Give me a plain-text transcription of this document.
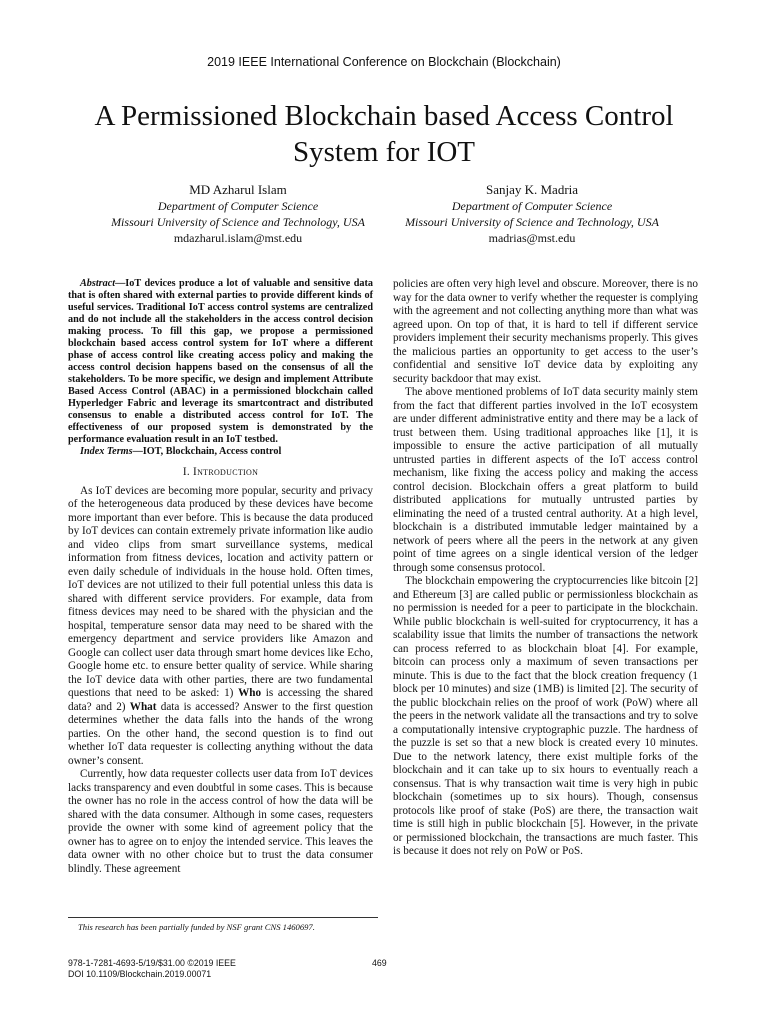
2019 IEEE International Conference on Blockchain (Blockchain)
A Permissioned Blockchain based Access Control
System for IOT
MD Azharul Islam
Department of Computer Science
Missouri University of Science and Technology, USA
mdazharul.islam@mst.edu
Sanjay K. Madria
Department of Computer Science
Missouri University of Science and Technology, USA
madrias@mst.edu

Abstract—IoT devices produce a lot of valuable and sensitive data that is often shared with external parties to provide different kinds of useful services. Traditional IoT access control systems are centralized and do not include all the stakeholders in the access control decision making process. To fill this gap, we propose a permissioned blockchain based access control system for IoT where a different phase of access control like creating access policy and making the access control decision happens based on the consensus of all the stakeholders. To be more specific, we design and implement Attribute Based Access Control (ABAC) in a permissioned blockchain called Hyperledger Fabric and leverage its smartcontract and distributed consensus to enable a distributed access control for IoT. The effectiveness of our proposed system is demonstrated by the performance evaluation result in an IoT testbed.

Index Terms—IOT, Blockchain, Access control

I. Introduction

As IoT devices are becoming more popular, security and privacy of the heterogeneous data produced by these devices have become more important than ever before. This is because the data produced by IoT devices can contain extremely private information like audio and video clips from smart surveillance systems, medical information from fitness devices, location and activity pattern or even daily schedule of individuals in the house hold. Often times, IoT devices are not utilized to their full potential unless this data is shared with different service providers. For example, data from fitness devices may need to be shared with the physician and the hospital, temperature sensor data may need to be shared with the emergency department and service providers like Amazon and Google can collect user data through smart home devices like Echo, Google home etc. to ensure better quality of service. While sharing the IoT device data with other parties, there are two fundamental questions that need to be asked: 1) Who is accessing the shared data? and 2) What data is accessed? Answer to the first question determines whether the data falls into the hands of the wrong parties. On the other hand, the second question is to find out whether IoT data requester is collecting anything without the data owner’s consent.

Currently, how data requester collects user data from IoT devices lacks transparency and even doubtful in some cases. This is because the owner has no role in the access control of how the data will be shared with the data consumer. Although in some cases, requesters provide the owner with some kind of agreement policy that the owner has to agree on to enjoy the intended service. This leaves the data owner with no other choice but to trust the data consumer blindly. These agreement

policies are often very high level and obscure. Moreover, there is no way for the data owner to verify whether the requester is complying with the agreement and not collecting anything more than what was agreed upon. On top of that, it is hard to tell if different service providers implement their security mechanisms properly. This gives the malicious parties an opportunity to get access to the user’s confidential and sensitive IoT device data by exploiting any security backdoor that may exist.

The above mentioned problems of IoT data security mainly stem from the fact that different parties involved in the IoT ecosystem are under different administrative entity and there may be a lack of trust between them. Using traditional approaches like [1], it is impossible to ensure the active participation of all mutually untrusted parties in different aspects of the IoT access control mechanism, like fixing the access policy and making the access control decision. Blockchain offers a great platform to build distributed applications for mutually untrusted parties by eliminating the need of a trusted central authority. At a high level, blockchain is a distributed immutable ledger maintained by a network of peers where all the peers in the network at any given point of time agrees on a single identical version of the ledger through some consensus protocol.

The blockchain empowering the cryptocurrencies like bitcoin [2] and Ethereum [3] are called public or permissionless blockchain as no permission is needed for a peer to participate in the blockchain. While public blockchain is well-suited for cryptocurrency, it has a scalability issue that limits the number of transactions the network can process referred to as blockchain bloat [4]. For example, bitcoin can process only a maximum of seven transactions per minute. This is due to the fact that the block creation frequency (1 block per 10 minutes) and size (1MB) is limited [2]. The security of the public blockchain relies on the proof of work (PoW) where all the peers in the network validate all the transactions and try to solve a computationally intensive cryptographic puzzle. The hardness of the puzzle is set so that a new block is created every 10 minutes. Due to the network latency, there exist multiple forks of the blockchain and it can take up to six hours to eventually reach a consensus. That is why transaction wait time is very high in pubic blockchain (sometimes up to six hours). Though, consensus protocols like proof of stake (PoS) are there, the transaction wait time is still high in public blockchain [5]. However, in the private or permissioned blockchain, the transactions are much faster. This is because it does not rely on PoW or PoS.

This research has been partially funded by NSF grant CNS 1460697.
978-1-7281-4693-5/19/$31.00 ©2019 IEEE
DOI 10.1109/Blockchain.2019.00071
469
